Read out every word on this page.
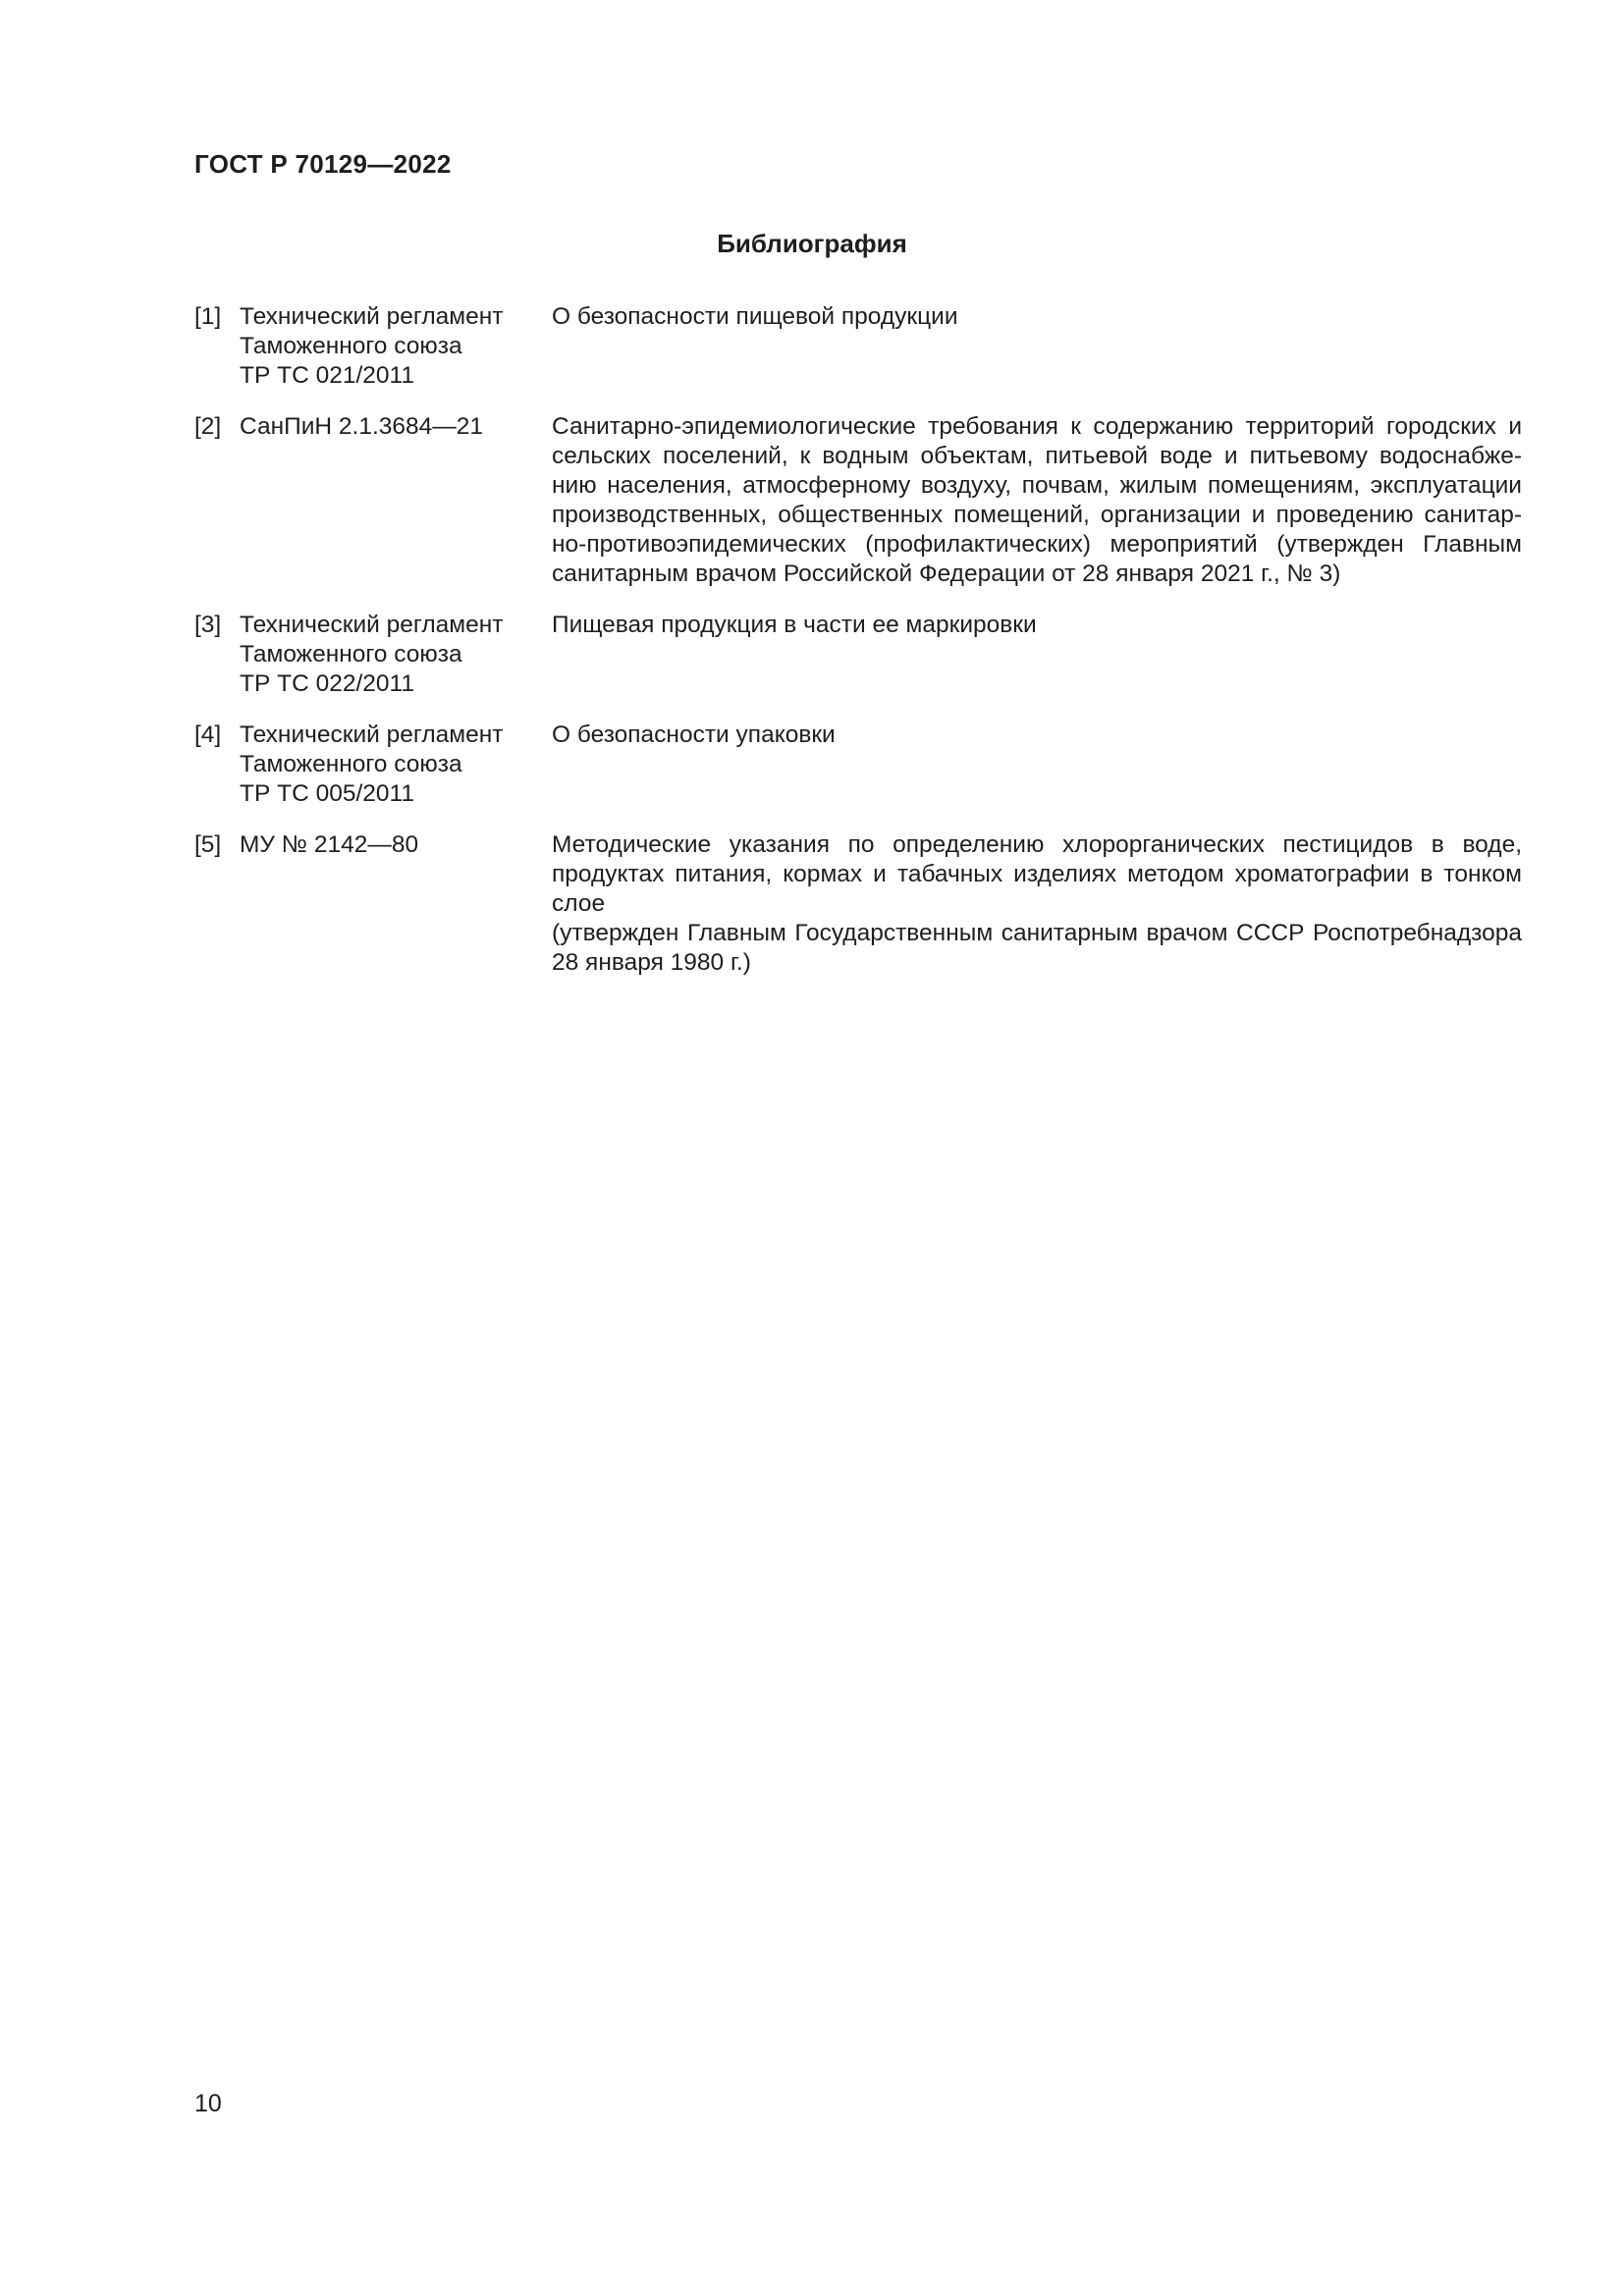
ГОСТ Р 70129—2022
Библиография
[1] Технический регламент
Таможенного союза
ТР ТС 021/2011
О безопасности пищевой продукции
[2] СанПиН 2.1.3684—21	Санитарно-эпидемиологические требования к содержанию территорий городских и
сельских поселений, к водным объектам, питьевой воде и питьевому водоснабже-
нию населения, атмосферному воздуху, почвам, жилым помещениям, эксплуатации
производственных, общественных помещений, организации и проведению санитар-
но-противоэпидемических (профилактических) мероприятий (утвержден Главным
санитарным врачом Российской Федерации от 28 января 2021 г., № 3)
[3] Технический регламент
Таможенного союза
ТР ТС 022/2011
Пищевая продукция в части ее маркировки
[4] Технический регламент
Таможенного союза
ТР ТС 005/2011
О безопасности упаковки
[5] МУ № 2142—80	Методические указания по определению хлорорганических пестицидов в воде,
продуктах питания, кормах и табачных изделиях методом хроматографии в тонком слое
(утвержден Главным Государственным санитарным врачом СССР Роспотребнадзора
28 января 1980 г.)
10
